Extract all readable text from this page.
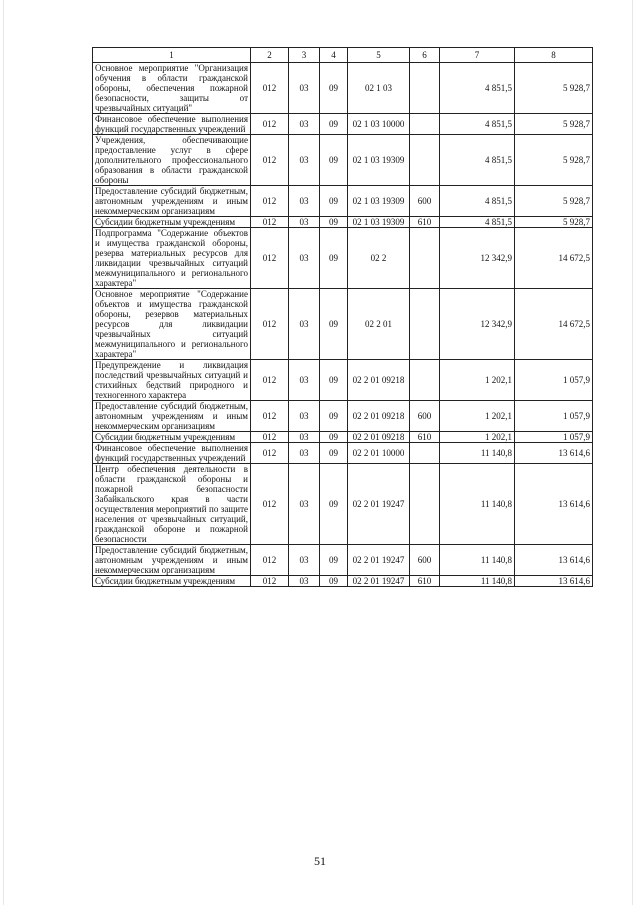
1	2	3	4	5	6	7	8
Основное мероприятие "Организация обучения в области гражданской обороны, обеспечения пожарной безопасности, защиты от чрезвычайных ситуаций"	012	03	09	02 1 03		4 851,5	5 928,7
Финансовое обеспечение выполнения функций государственных учреждений	012	03	09	02 1 03 10000		4 851,5	5 928,7
Учреждения, обеспечивающие предоставление услуг в сфере дополнительного профессионального образования в области гражданской обороны	012	03	09	02 1 03 19309		4 851,5	5 928,7
Предоставление субсидий бюджетным, автономным учреждениям и иным некоммерческим организациям	012	03	09	02 1 03 19309	600	4 851,5	5 928,7
Субсидии бюджетным учреждениям	012	03	09	02 1 03 19309	610	4 851,5	5 928,7
Подпрограмма "Содержание объектов и имущества гражданской обороны, резерва материальных ресурсов для ликвидации чрезвычайных ситуаций межмуниципального и регионального характера"	012	03	09	02 2		12 342,9	14 672,5
Основное мероприятие "Содержание объектов и имущества гражданской обороны, резервов материальных ресурсов для ликвидации чрезвычайных ситуаций межмуниципального и регионального характера"	012	03	09	02 2 01		12 342,9	14 672,5
Предупреждение и ликвидация последствий чрезвычайных ситуаций и стихийных бедствий природного и техногенного характера	012	03	09	02 2 01 09218		1 202,1	1 057,9
Предоставление субсидий бюджетным, автономным учреждениям и иным некоммерческим организациям	012	03	09	02 2 01 09218	600	1 202,1	1 057,9
Субсидии бюджетным учреждениям	012	03	09	02 2 01 09218	610	1 202,1	1 057,9
Финансовое обеспечение выполнения функций государственных учреждений	012	03	09	02 2 01 10000		11 140,8	13 614,6
Центр обеспечения деятельности в области гражданской обороны и пожарной безопасности Забайкальского края в части осуществления мероприятий по защите населения от чрезвычайных ситуаций, гражданской обороне и пожарной безопасности	012	03	09	02 2 01 19247		11 140,8	13 614,6
Предоставление субсидий бюджетным, автономным учреждениям и иным некоммерческим организациям	012	03	09	02 2 01 19247	600	11 140,8	13 614,6
Субсидии бюджетным учреждениям	012	03	09	02 2 01 19247	610	11 140,8	13 614,6
51
